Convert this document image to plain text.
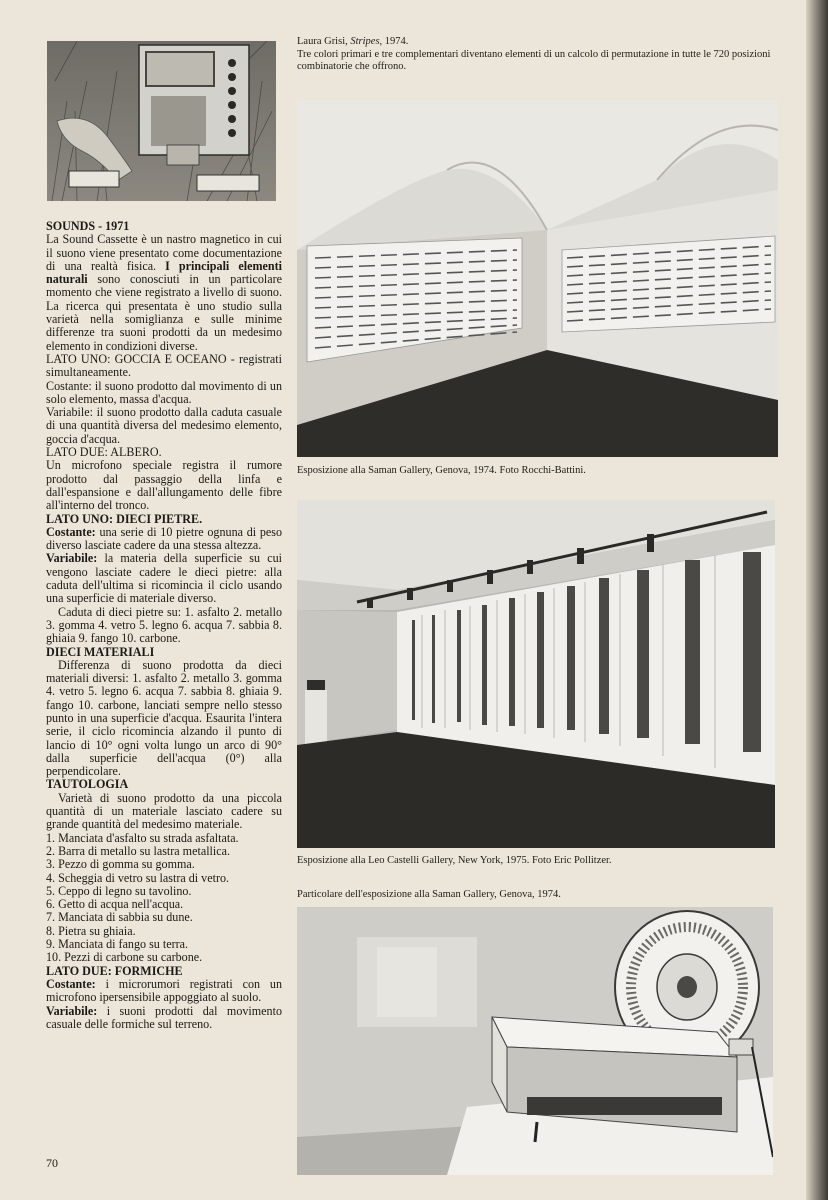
SOUNDS - 1971

La Sound Cassette è un nastro magnetico in cui il suono viene presentato come documentazione di una realtà fisica. I principali elementi naturali sono conosciuti in un particolare momento che viene registrato a livello di suono. La ricerca qui presentata è uno studio sulla varietà nella somiglianza e sulle minime differenze tra suoni prodotti da un medesimo elemento in condizioni diverse.

LATO UNO: GOCCIA E OCEANO - registrati simultaneamente.

Costante: il suono prodotto dal movimento di un solo elemento, massa d'acqua.

Variabile: il suono prodotto dalla caduta casuale di una quantità diversa del medesimo elemento, goccia d'acqua.

LATO DUE: ALBERO.

Un microfono speciale registra il rumore prodotto dal passaggio della linfa e dall'espansione e dall'allungamento delle fibre all'interno del tronco.

LATO UNO: DIECI PIETRE.

Costante: una serie di 10 pietre ognuna di peso diverso lasciate cadere da una stessa altezza.

Variabile: la materia della superficie su cui vengono lasciate cadere le dieci pietre: alla caduta dell'ultima si ricomincia il ciclo usando una superficie di materiale diverso.

Caduta di dieci pietre su: 1. asfalto 2. metallo 3. gomma 4. vetro 5. legno 6. acqua 7. sabbia 8. ghiaia 9. fango 10. carbone.

DIECI MATERIALI

Differenza di suono prodotta da dieci materiali diversi: 1. asfalto 2. metallo 3. gomma 4. vetro 5. legno 6. acqua 7. sabbia 8. ghiaia 9. fango 10. carbone, lanciati sempre nello stesso punto in una superficie d'acqua. Esaurita l'intera serie, il ciclo ricomincia alzando il punto di lancio di 10° ogni volta lungo un arco di 90° dalla superficie dell'acqua (0°) alla perpendicolare.

TAUTOLOGIA

Varietà di suono prodotto da una piccola quantità di un materiale lasciato cadere su grande quantità del medesimo materiale.

1. Manciata d'asfalto su strada asfaltata.

2. Barra di metallo su lastra metallica.

3. Pezzo di gomma su gomma.

4. Scheggia di vetro su lastra di vetro.

5. Ceppo di legno su tavolino.

6. Getto di acqua nell'acqua.

7. Manciata di sabbia su dune.

8. Pietra su ghiaia.

9. Manciata di fango su terra.

10. Pezzi di carbone su carbone.

LATO DUE: FORMICHE

Costante: i microrumori registrati con un microfono ipersensibile appoggiato al suolo.

Variabile: i suoni prodotti dal movimento casuale delle formiche sul terreno.

Laura Grisi, Stripes, 1974.
Tre colori primari e tre complementari diventano elementi di un calcolo di permutazione in tutte le 720 posizioni combinatorie che offrono.
Esposizione alla Saman Gallery, Genova, 1974. Foto Rocchi-Battini.
Esposizione alla Leo Castelli Gallery, New York, 1975. Foto Eric Pollitzer.
Particolare dell'esposizione alla Saman Gallery, Genova, 1974.
70
